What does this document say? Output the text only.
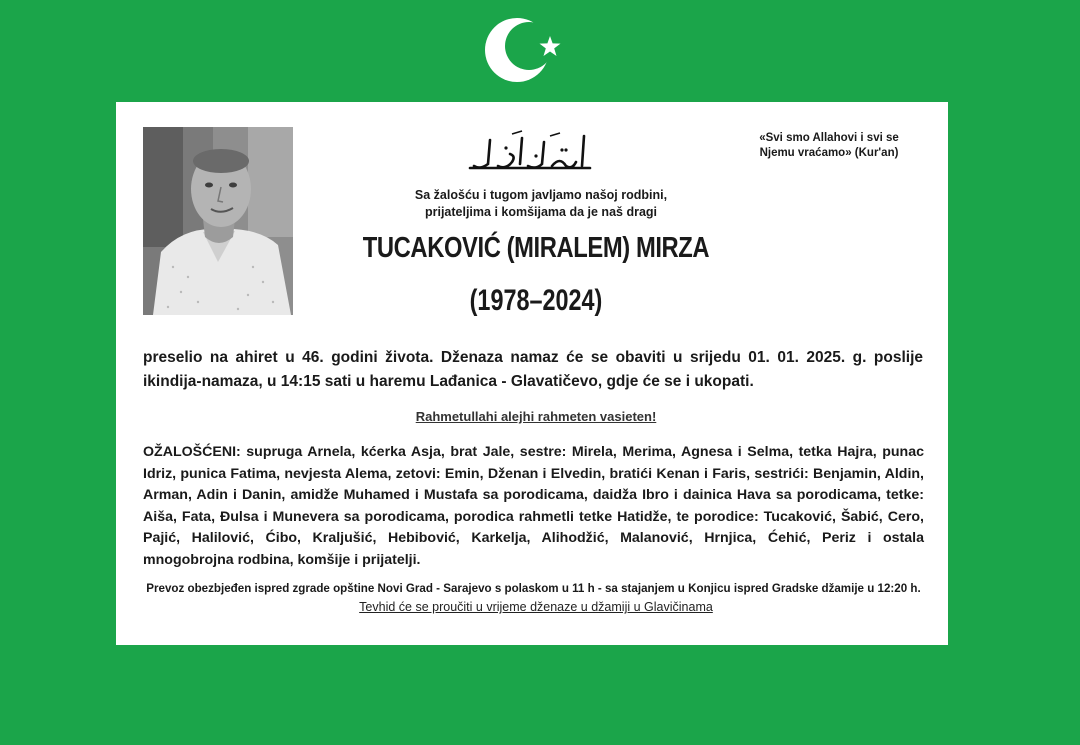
«Svi smo Allahovi i svi se
Njemu vraćamo» (Kur'an)
Sa žalošću i tugom javljamo našoj rodbini,
prijateljima i komšijama da je naš dragi
TUCAKOVIĆ (MIRALEM) MIRZA
(1978–2024)
preselio na ahiret u 46. godini života. Dženaza namaz će se obaviti u srijedu 01. 01. 2025. g. poslije ikindija-namaza, u 14:15 sati u haremu Lađanica - Glavatičevo, gdje će se i ukopati.
Rahmetullahi alejhi rahmeten vasieten!
OŽALOŠĆENI: supruga Arnela, kćerka Asja, brat Jale, sestre: Mirela, Merima, Agnesa i Selma, tetka Hajra, punac Idriz, punica Fatima, nevjesta Alema, zetovi: Emin, Dženan i Elvedin, bratići Kenan i Faris, sestrići: Benjamin, Aldin, Arman, Adin i Danin, amidže Muhamed i Mustafa sa porodicama, daidža Ibro i dainica Hava sa porodicama, tetke: Aiša, Fata, Đulsa i Munevera sa porodicama, porodica rahmetli tetke Hatidže, te porodice: Tucaković, Šabić, Cero, Pajić, Halilović, Ćibo, Kraljušić, Hebibović, Karkelja, Alihodžić, Malanović, Hrnjica, Ćehić, Periz i ostala mnogobrojna rodbina, komšije i prijatelji.
Prevoz obezbjeđen ispred zgrade opštine Novi Grad - Sarajevo s polaskom u 11 h - sa stajanjem u Konjicu ispred Gradske džamije u 12:20 h.
Tevhid će se proučiti u vrijeme dženaze u džamiji u Glavičinama
